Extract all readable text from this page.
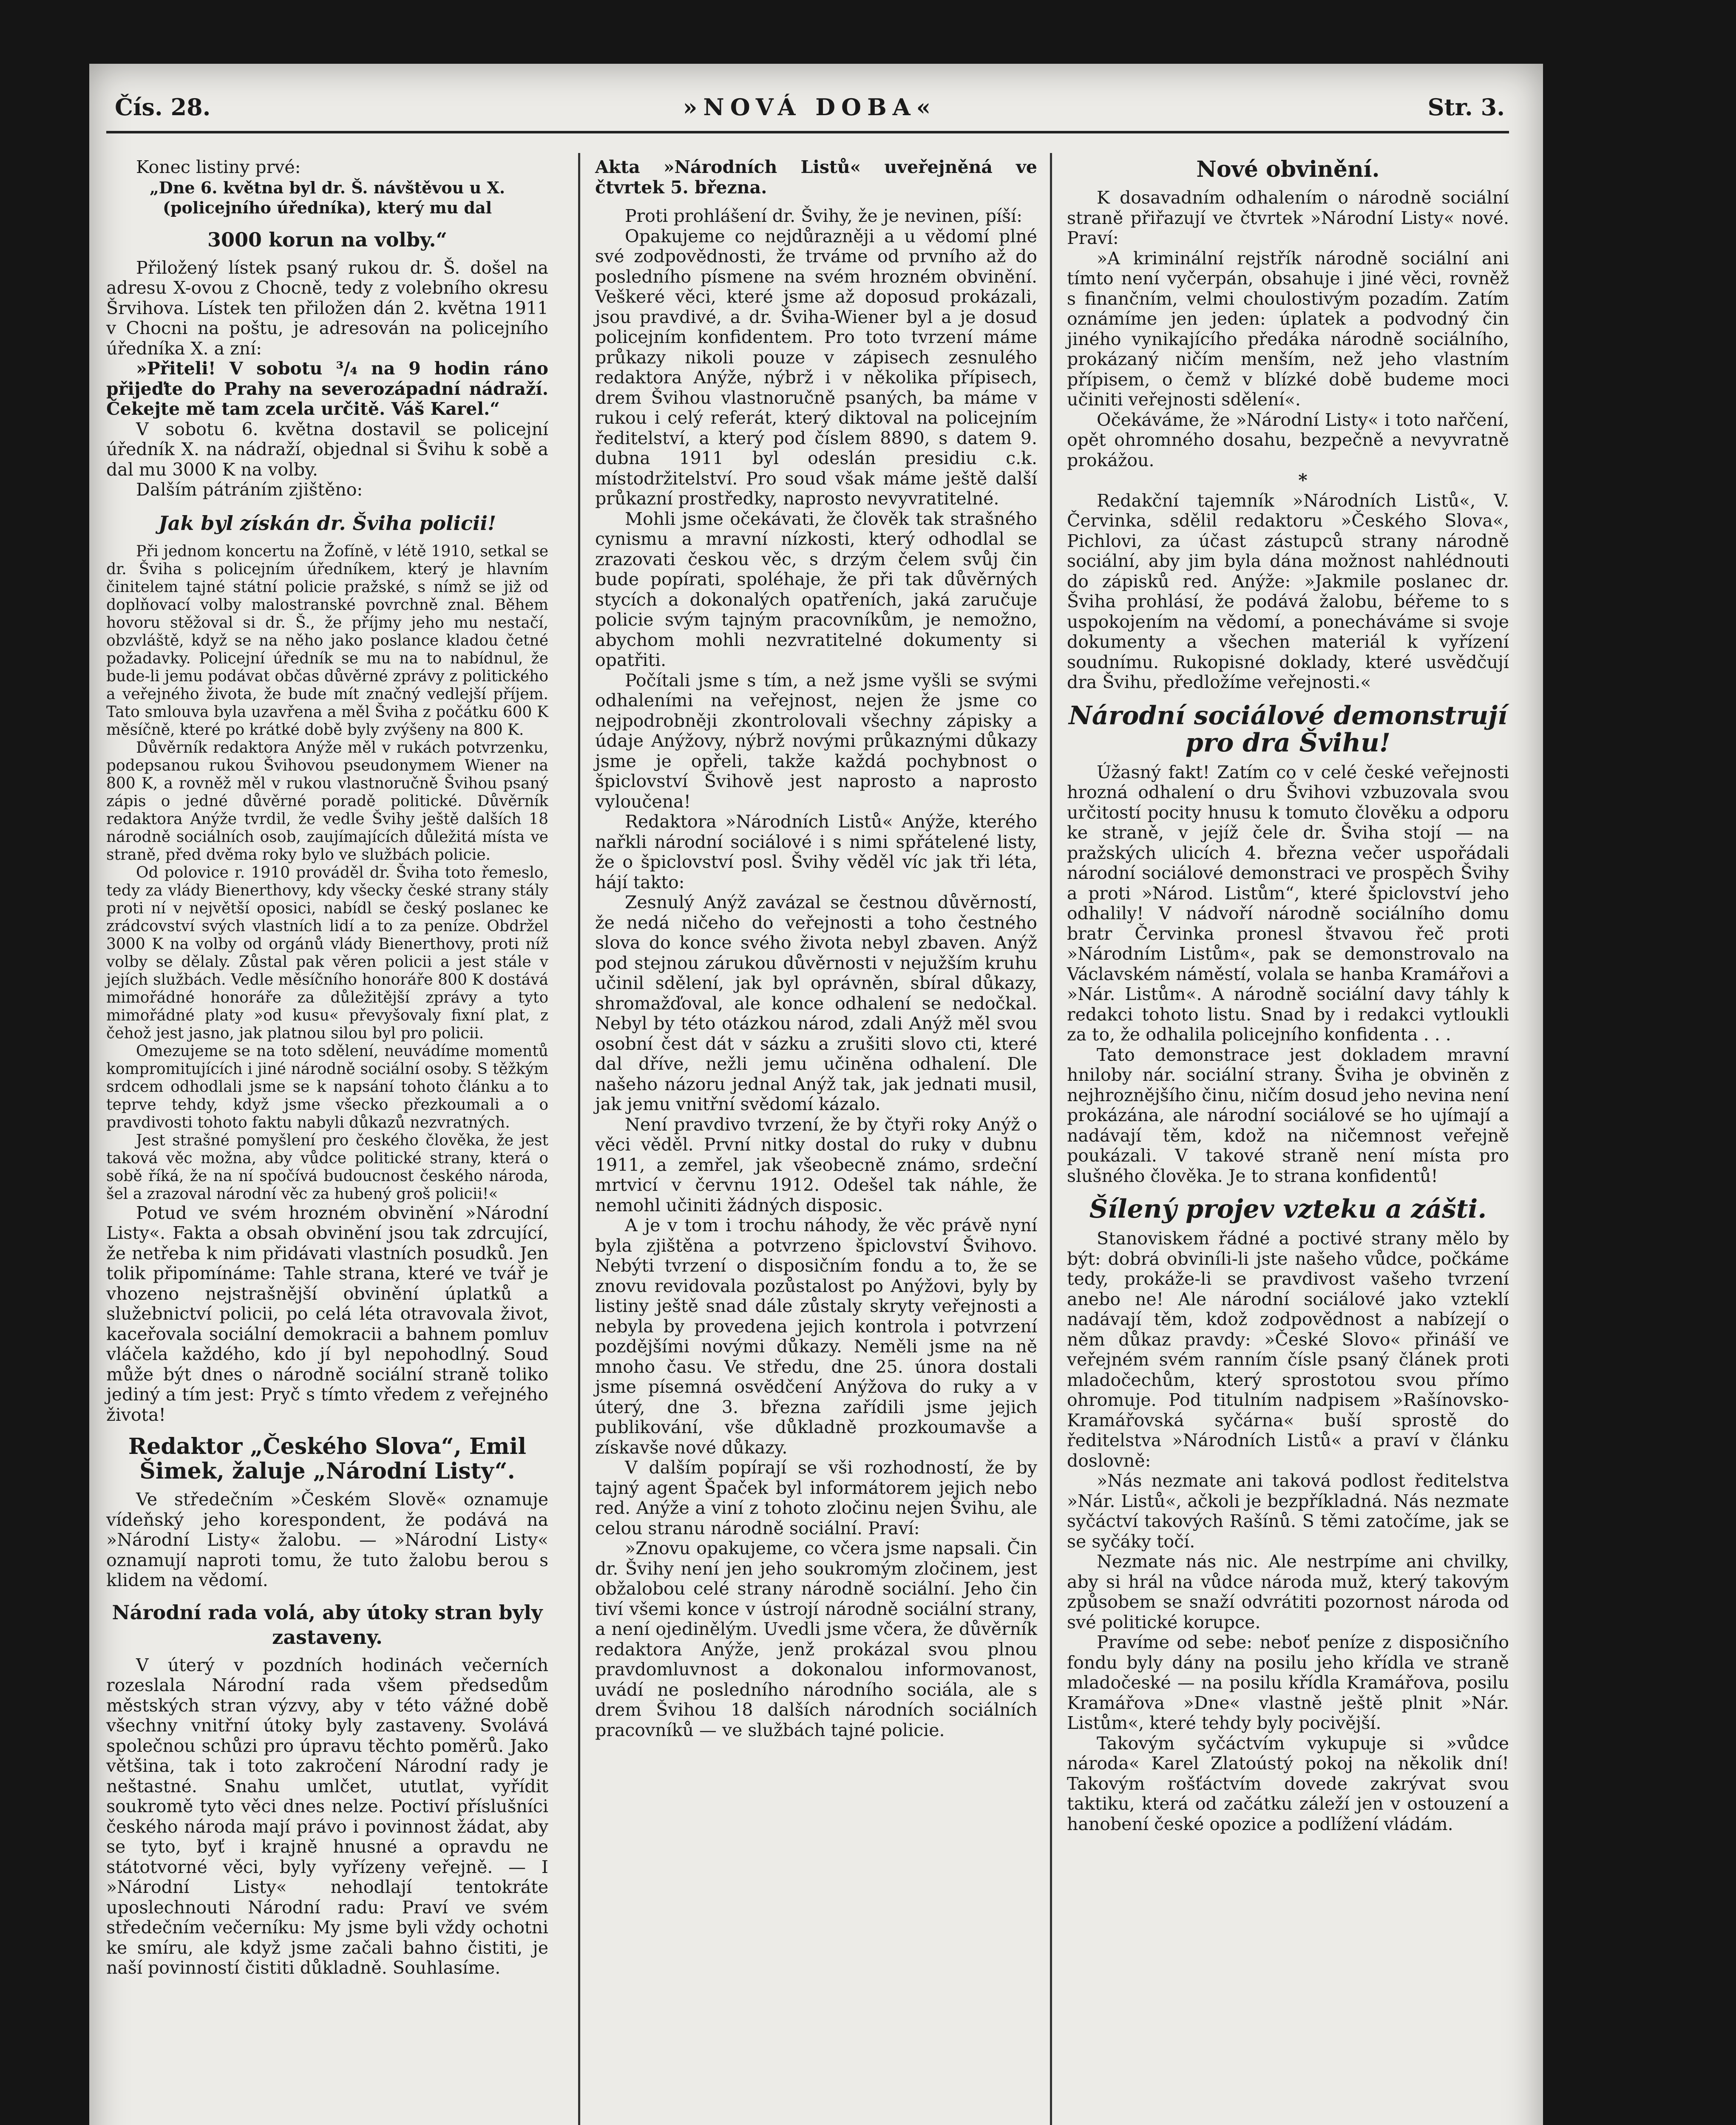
Čís. 28.	»NOVÁ DOBA«	Str. 3.

Konec listiny prvé:

„Dne 6. května byl dr. Š. návštěvou u X. (policejního úředníka), který mu dal

3000 korun na volby.“

Přiložený lístek psaný rukou dr. Š. došel na adresu X-ovou z Chocně, tedy z volebního okresu Šrvihova. Lístek ten přiložen dán 2. května 1911 v Chocni na poštu, je adresován na policejního úředníka X. a zní:

»Přiteli! V sobotu ³/₄ na 9 hodin ráno přijeďte do Prahy na severozápadní nádraží. Čekejte mě tam zcela určitě. Váš Karel.“

V sobotu 6. května dostavil se policejní úředník X. na nádraží, objednal si Švihu k sobě a dal mu 3000 K na volby.

Dalším pátráním zjištěno:

Jak byl získán dr. Šviha policii!

Při jednom koncertu na Žofíně, v létě 1910, setkal se dr. Šviha s policejním úředníkem, který je hlavním činitelem tajné státní policie pražské, s nímž se již od doplňovací volby malostranské povrchně znal. Během hovoru stěžoval si dr. Š., že příjmy jeho mu nestačí, obzvláště, když se na něho jako poslance kladou četné požadavky. Policejní úředník se mu na to nabídnul, že bude-li jemu podávat občas důvěrné zprávy z politického a veřejného života, že bude mít značný vedlejší příjem. Tato smlouva byla uzavřena a měl Šviha z počátku 600 K měsíčně, které po krátké době byly zvýšeny na 800 K.

Důvěrník redaktora Anýže měl v rukách potvrzenku, podepsanou rukou Švihovou pseudonymem Wiener na 800 K, a rovněž měl v rukou vlastnoručně Švihou psaný zápis o jedné důvěrné poradě politické. Důvěrník redaktora Anýže tvrdil, že vedle Švihy ještě dalších 18 národně sociálních osob, zaujímajících důležitá místa ve straně, před dvěma roky bylo ve službách policie.

Od polovice r. 1910 prováděl dr. Šviha toto řemeslo, tedy za vlády Bienerthovy, kdy všecky české strany stály proti ní v největší oposici, nabídl se český poslanec ke zrádcovství svých vlastních lidí a to za peníze. Obdržel 3000 K na volby od orgánů vlády Bienerthovy, proti níž volby se dělaly. Zůstal pak věren policii a jest stále v jejích službách. Vedle měsíčního honoráře 800 K dostává mimořádné honoráře za důležitější zprávy a tyto mimořádné platy »od kusu« převyšovaly fixní plat, z čehož jest jasno, jak platnou silou byl pro policii.

Omezujeme se na toto sdělení, neuvádíme momentů kompromitujících i jiné národně sociální osoby. S těžkým srdcem odhodlali jsme se k napsání tohoto článku a to teprve tehdy, když jsme všecko přezkoumali a o pravdivosti tohoto faktu nabyli důkazů nezvratných.

Jest strašné pomyšlení pro českého člověka, že jest taková věc možna, aby vůdce politické strany, která o sobě říká, že na ní spočívá budoucnost českého národa, šel a zrazoval národní věc za hubený groš policii!«

Potud ve svém hrozném obvinění »Národní Listy«. Fakta a obsah obvinění jsou tak zdrcující, že netřeba k nim přidávati vlastních posudků. Jen tolik připomínáme: Tahle strana, které ve tvář je vhozeno nejstrašnější obvinění úplatků a služebnictví policii, po celá léta otravovala život, kaceřovala sociální demokracii a bahnem pomluv vláčela každého, kdo jí byl nepohodlný. Soud může být dnes o národně sociální straně toliko jediný a tím jest: Pryč s tímto vředem z veřejného života!

Redaktor „Českého Slova“, Emil Šimek, žaluje „Národní Listy“.

Ve středečním »Českém Slově« oznamuje vídeňský jeho korespondent, že podává na »Národní Listy« žalobu. — »Národní Listy« oznamují naproti tomu, že tuto žalobu berou s klidem na vědomí.

Národní rada volá, aby útoky stran byly zastaveny.

V úterý v pozdních hodinách večerních rozeslala Národní rada všem předsedům městských stran výzvy, aby v této vážné době všechny vnitřní útoky byly zastaveny. Svolává společnou schůzi pro úpravu těchto poměrů. Jako většina, tak i toto zakročení Národní rady je neštastné. Snahu umlčet, ututlat, vyřídit soukromě tyto věci dnes nelze. Poctiví příslušníci českého národa mají právo i povinnost žádat, aby se tyto, byť i krajně hnusné a opravdu ne státotvorné věci, byly vyřízeny veřejně. — I »Národní Listy« nehodlají tentokráte uposlechnouti Národní radu: Praví ve svém středečním večerníku: My jsme byli vždy ochotni ke smíru, ale když jsme začali bahno čistiti, je naší povinností čistiti důkladně. Souhlasíme.

Akta »Národních Listů« uveřejněná ve čtvrtek 5. března.

Proti prohlášení dr. Švihy, že je nevinen, píší:

Opakujeme co nejdůrazněji a u vědomí plné své zodpovědnosti, že trváme od prvního až do posledního písmene na svém hrozném obvinění. Veškeré věci, které jsme až doposud prokázali, jsou pravdivé, a dr. Šviha-Wiener byl a je dosud policejním konfidentem. Pro toto tvrzení máme průkazy nikoli pouze v zápisech zesnulého redaktora Anýže, nýbrž i v několika přípisech, drem Švihou vlastnoručně psaných, ba máme v rukou i celý referát, který diktoval na policejním ředitelství, a který pod číslem 8890, s datem 9. dubna 1911 byl odeslán presidiu c.k. místodržitelství. Pro soud však máme ještě další průkazní prostředky, naprosto nevyvratitelné.

Mohli jsme očekávati, že člověk tak strašného cynismu a mravní nízkosti, který odhodlal se zrazovati českou věc, s drzým čelem svůj čin bude popírati, spoléhaje, že při tak důvěrných stycích a dokonalých opatřeních, jaká zaručuje policie svým tajným pracovníkům, je nemožno, abychom mohli nezvratitelné dokumenty si opatřiti.

Počítali jsme s tím, a než jsme vyšli se svými odhaleními na veřejnost, nejen že jsme co nejpodrobněji zkontrolovali všechny zápisky a údaje Anýžovy, nýbrž novými průkaznými důkazy jsme je opřeli, takže každá pochybnost o špiclovství Švihově jest naprosto a naprosto vyloučena!

Redaktora »Národních Listů« Anýže, kterého nařkli národní sociálové i s nimi spřátelené listy, že o špiclovství posl. Švihy věděl víc jak tři léta, hájí takto:

Zesnulý Anýž zavázal se čestnou důvěrností, že nedá ničeho do veřejnosti a toho čestného slova do konce svého života nebyl zbaven. Anýž pod stejnou zárukou důvěrnosti v nejužším kruhu učinil sdělení, jak byl oprávněn, sbíral důkazy, shromažďoval, ale konce odhalení se nedočkal. Nebyl by této otázkou národ, zdali Anýž měl svou osobní čest dát v sázku a zrušiti slovo cti, které dal dříve, nežli jemu učiněna odhalení. Dle našeho názoru jednal Anýž tak, jak jednati musil, jak jemu vnitřní svědomí kázalo.

Není pravdivo tvrzení, že by čtyři roky Anýž o věci věděl. První nitky dostal do ruky v dubnu 1911, a zemřel, jak všeobecně známo, srdeční mrtvicí v červnu 1912. Odešel tak náhle, že nemohl učiniti žádných disposic.

A je v tom i trochu náhody, že věc právě nyní byla zjištěna a potvrzeno špiclovství Švihovo. Nebýti tvrzení o disposičním fondu a to, že se znovu revidovala pozůstalost po Anýžovi, byly by listiny ještě snad dále zůstaly skryty veřejnosti a nebyla by provedena jejich kontrola i potvrzení pozdějšími novými důkazy. Neměli jsme na ně mnoho času. Ve středu, dne 25. února dostali jsme písemná osvědčení Anýžova do ruky a v úterý, dne 3. března zařídili jsme jejich publikování, vše důkladně prozkoumavše a získavše nové důkazy.

V dalším popírají se vši rozhodností, že by tajný agent Špaček byl informátorem jejich nebo red. Anýže a viní z tohoto zločinu nejen Švihu, ale celou stranu národně sociální. Praví:

»Znovu opakujeme, co včera jsme napsali. Čin dr. Švihy není jen jeho soukromým zločinem, jest obžalobou celé strany národně sociální. Jeho čin tiví všemi konce v ústrojí národně sociální strany, a není ojedinělým. Uvedli jsme včera, že důvěrník redaktora Anýže, jenž prokázal svou plnou pravdomluvnost a dokonalou informovanost, uvádí ne posledního národního sociála, ale s drem Švihou 18 dalších národních sociálních pracovníků — ve službách tajné policie.

Nové obvinění.

K dosavadním odhalením o národně sociální straně přiřazují ve čtvrtek »Národní Listy« nové. Praví:

»A kriminální rejstřík národně sociální ani tímto není vyčerpán, obsahuje i jiné věci, rovněž s finančním, velmi choulostivým pozadím. Zatím oznámíme jen jeden: úplatek a podvodný čin jiného vynikajícího předáka národně sociálního, prokázaný ničím menším, než jeho vlastním přípisem, o čemž v blízké době budeme moci učiniti veřejnosti sdělení«.

Očekáváme, že »Národní Listy« i toto nařčení, opět ohromného dosahu, bezpečně a nevyvratně prokážou.

*

Redakční tajemník »Národních Listů«, V. Červinka, sdělil redaktoru »Českého Slova«, Pichlovi, za účast zástupců strany národně sociální, aby jim byla dána možnost nahlédnouti do zápisků red. Anýže: »Jakmile poslanec dr. Šviha prohlásí, že podává žalobu, béřeme to s uspokojením na vědomí, a ponecháváme si svoje dokumenty a všechen materiál k vyřízení soudnímu. Rukopisné doklady, které usvědčují dra Švihu, předložíme veřejnosti.«

Národní sociálové demonstrují pro dra Švihu!

Úžasný fakt! Zatím co v celé české veřejnosti hrozná odhalení o dru Švihovi vzbuzovala svou určitostí pocity hnusu k tomuto člověku a odporu ke straně, v jejíž čele dr. Šviha stojí — na pražských ulicích 4. března večer uspořádali národní sociálové demonstraci ve prospěch Švihy a proti »Národ. Listům“, které špiclovství jeho odhalily! V nádvoří národně sociálního domu bratr Červinka pronesl štvavou řeč proti »Národním Listům«, pak se demonstrovalo na Václavském náměstí, volala se hanba Kramářovi a »Nár. Listům«. A národně sociální davy táhly k redakci tohoto listu. Snad by i redakci vytloukli za to, že odhalila policejního konfidenta . . .

Tato demonstrace jest dokladem mravní hniloby nár. sociální strany. Šviha je obviněn z nejhroznějšího činu, ničím dosud jeho nevina není prokázána, ale národní sociálové se ho ujímají a nadávají těm, kdož na ničemnost veřejně poukázali. V takové straně není místa pro slušného člověka. Je to strana konfidentů!

Šílený projev vzteku a zášti.

Stanoviskem řádné a poctivé strany mělo by být: dobrá obviníli-li jste našeho vůdce, počkáme tedy, prokáže-li se pravdivost vašeho tvrzení anebo ne! Ale národní sociálové jako vzteklí nadávají těm, kdož zodpovědnost a nabízejí o něm důkaz pravdy: »České Slovo« přináší ve veřejném svém ranním čísle psaný článek proti mladočechům, který sprostotou svou přímo ohromuje. Pod titulním nadpisem »Rašínovsko-Kramářovská syčárna« buší sprostě do ředitelstva »Národních Listů« a praví v článku doslovně:

»Nás nezmate ani taková podlost ředitelstva »Nár. Listů«, ačkoli je bezpříkladná. Nás nezmate syčáctví takových Rašínů. S těmi zatočíme, jak se se syčáky točí.

Nezmate nás nic. Ale nestrpíme ani chvilky, aby si hrál na vůdce národa muž, který takovým způsobem se snaží odvrátiti pozornost národa od své politické korupce.

Pravíme od sebe: neboť peníze z disposičního fondu byly dány na posilu jeho křídla ve straně mladočeské — na posilu křídla Kramářova, posilu Kramářova »Dne« vlastně ještě plnit »Nár. Listům«, které tehdy byly pocivější.

Takovým syčáctvím vykupuje si »vůdce národa« Karel Zlatoústý pokoj na několik dní! Takovým rošťáctvím dovede zakrývat svou taktiku, která od začátku záleží jen v ostouzení a hanobení české opozice a podlížení vládám.
